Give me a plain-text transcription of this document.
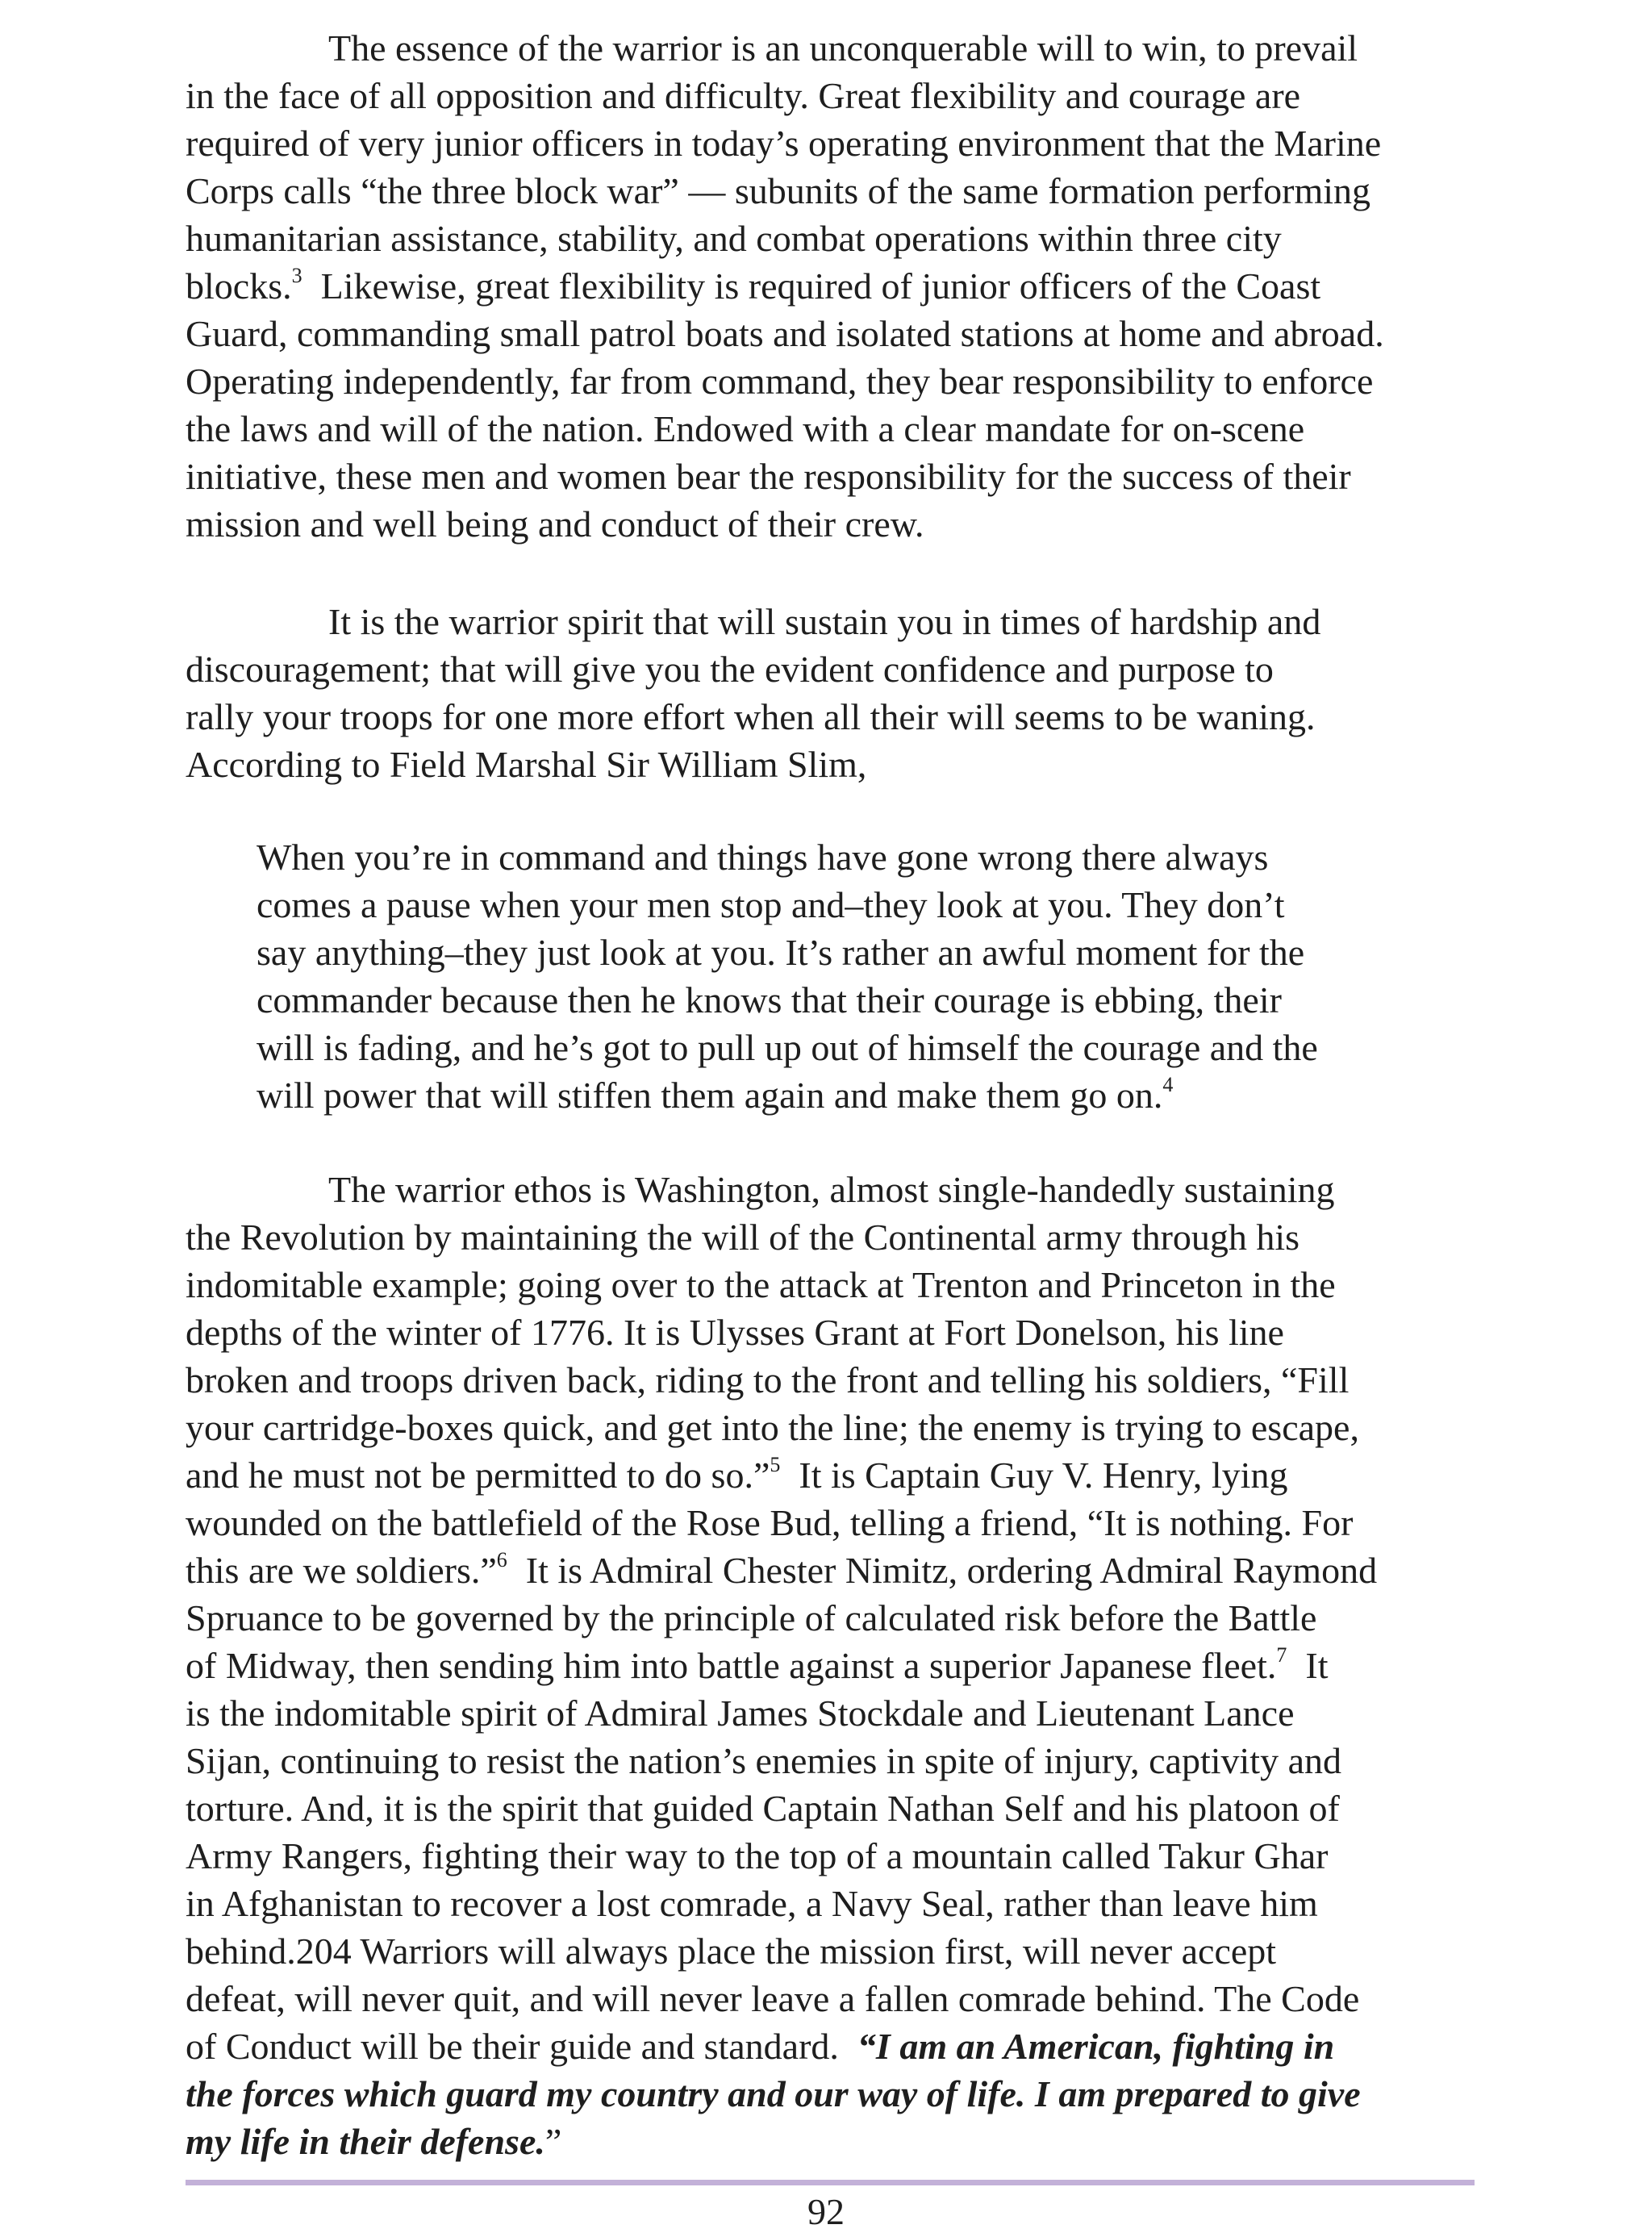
The essence of the warrior is an unconquerable will to win, to prevail
in the face of all opposition and difficulty. Great flexibility and courage are
required of very junior officers in today’s operating environment that the Marine
Corps calls “the three block war” — subunits of the same formation performing
humanitarian assistance, stability, and combat operations within three city
blocks.$^3$  Likewise, great flexibility is required of junior officers of the Coast
Guard, commanding small patrol boats and isolated stations at home and abroad.
Operating independently, far from command, they bear responsibility to enforce
the laws and will of the nation. Endowed with a clear mandate for on-scene
initiative, these men and women bear the responsibility for the success of their
mission and well being and conduct of their crew.

It is the warrior spirit that will sustain you in times of hardship and
discouragement; that will give you the evident confidence and purpose to
rally your troops for one more effort when all their will seems to be waning.
According to Field Marshal Sir William Slim,

When you’re in command and things have gone wrong there always
comes a pause when your men stop and–they look at you. They don’t
say anything–they just look at you. It’s rather an awful moment for the
commander because then he knows that their courage is ebbing, their
will is fading, and he’s got to pull up out of himself the courage and the
will power that will stiffen them again and make them go on.$^4$

The warrior ethos is Washington, almost single-handedly sustaining
the Revolution by maintaining the will of the Continental army through his
indomitable example; going over to the attack at Trenton and Princeton in the
depths of the winter of 1776. It is Ulysses Grant at Fort Donelson, his line
broken and troops driven back, riding to the front and telling his soldiers, “Fill
your cartridge-boxes quick, and get into the line; the enemy is trying to escape,
and he must not be permitted to do so.”$^5$  It is Captain Guy V. Henry, lying
wounded on the battlefield of the Rose Bud, telling a friend, “It is nothing. For
this are we soldiers.”$^6$  It is Admiral Chester Nimitz, ordering Admiral Raymond
Spruance to be governed by the principle of calculated risk before the Battle
of Midway, then sending him into battle against a superior Japanese fleet.$^7$  It
is the indomitable spirit of Admiral James Stockdale and Lieutenant Lance
Sijan, continuing to resist the nation’s enemies in spite of injury, captivity and
torture. And, it is the spirit that guided Captain Nathan Self and his platoon of
Army Rangers, fighting their way to the top of a mountain called Takur Ghar
in Afghanistan to recover a lost comrade, a Navy Seal, rather than leave him
behind.204 Warriors will always place the mission first, will never accept
defeat, will never quit, and will never leave a fallen comrade behind. The Code
of Conduct will be their guide and standard.  “I am an American, fighting in
the forces which guard my country and our way of life. I am prepared to give
my life in their defense.”

92
